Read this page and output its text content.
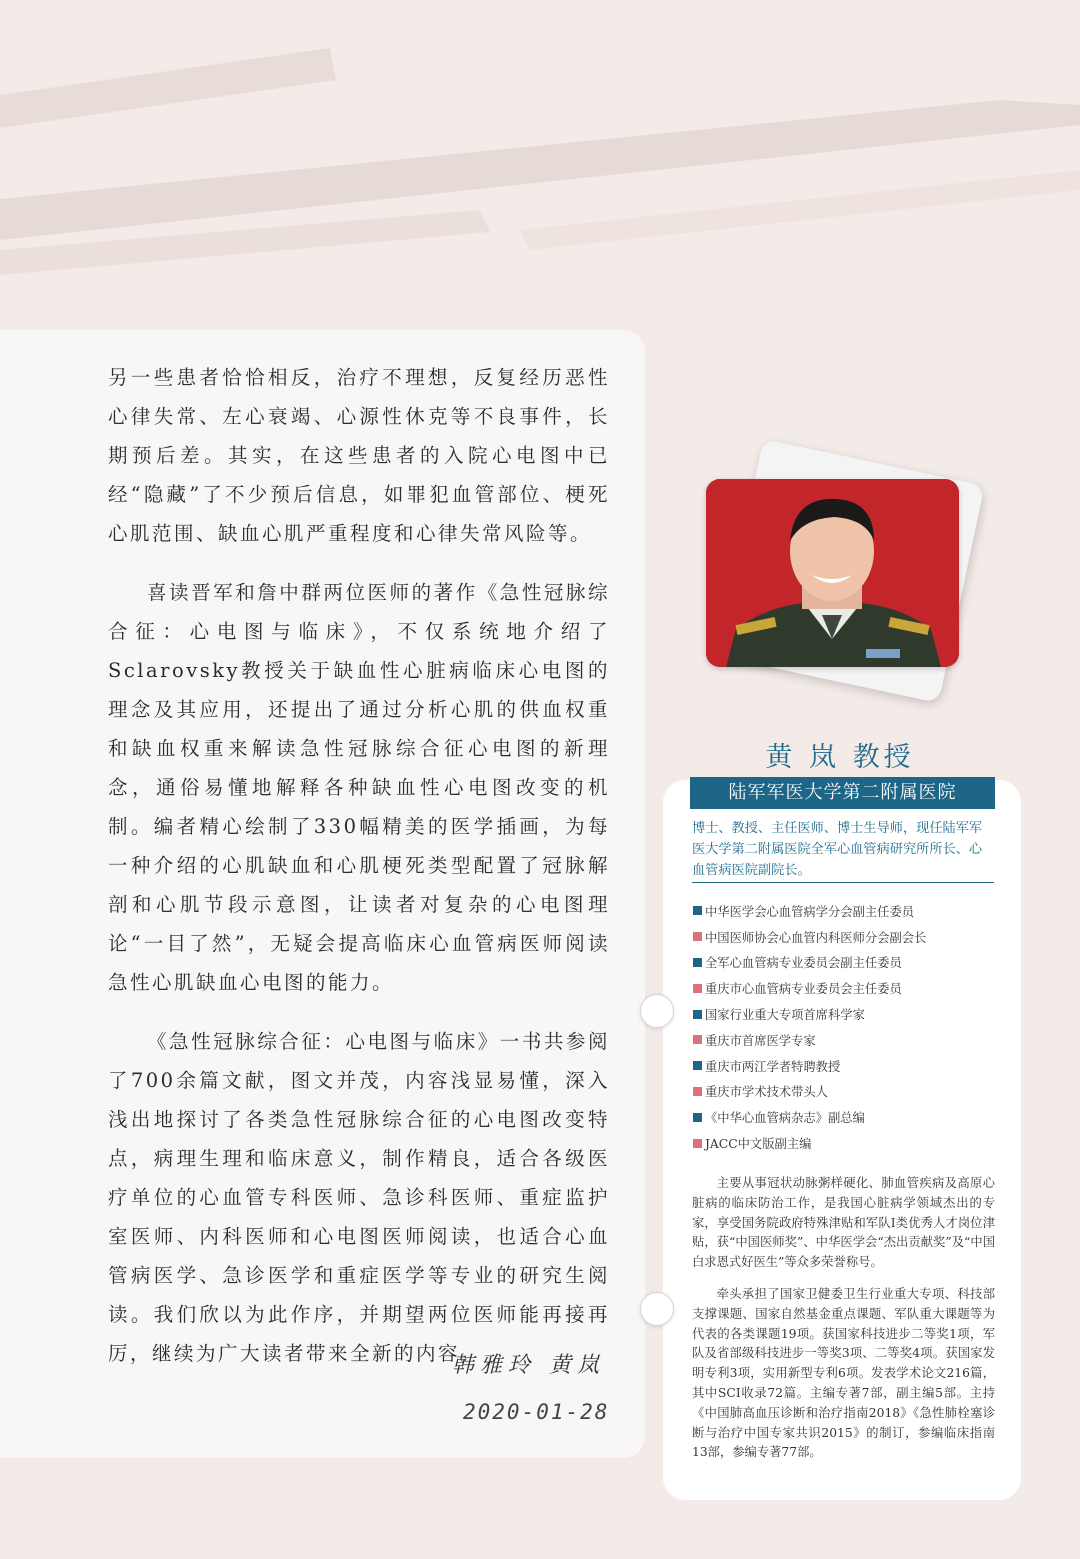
另一些患者恰恰相反，治疗不理想，反复经历恶性心律失常、左心衰竭、心源性休克等不良事件，长期预后差。其实，在这些患者的入院心电图中已经“隐藏”了不少预后信息，如罪犯血管部位、梗死心肌范围、缺血心肌严重程度和心律失常风险等。

喜读晋军和詹中群两位医师的著作《急性冠脉综合征：心电图与临床》，不仅系统地介绍了Sclarovsky教授关于缺血性心脏病临床心电图的理念及其应用，还提出了通过分析心肌的供血权重和缺血权重来解读急性冠脉综合征心电图的新理念，通俗易懂地解释各种缺血性心电图改变的机制。编者精心绘制了330幅精美的医学插画，为每一种介绍的心肌缺血和心肌梗死类型配置了冠脉解剖和心肌节段示意图，让读者对复杂的心电图理论“一目了然”，无疑会提高临床心血管病医师阅读急性心肌缺血心电图的能力。

《急性冠脉综合征：心电图与临床》一书共参阅了700余篇文献，图文并茂，内容浅显易懂，深入浅出地探讨了各类急性冠脉综合征的心电图改变特点，病理生理和临床意义，制作精良，适合各级医疗单位的心血管专科医师、急诊科医师、重症监护室医师、内科医师和心电图医师阅读，也适合心血管病医学、急诊医学和重症医学等专业的研究生阅读。我们欣以为此作序，并期望两位医师能再接再厉，继续为广大读者带来全新的内容。

韩雅玲 黄岚
2020-01-28
黄 岚 教授
陆军军医大学第二附属医院
博士、教授、主任医师、博士生导师，现任陆军军医大学第二附属医院全军心血管病研究所所长、心血管病医院副院长。
中华医学会心血管病学分会副主任委员
中国医师协会心血管内科医师分会副会长
全军心血管病专业委员会副主任委员
重庆市心血管病专业委员会主任委员
国家行业重大专项首席科学家
重庆市首席医学专家
重庆市两江学者特聘教授
重庆市学术技术带头人
《中华心血管病杂志》副总编
JACC中文版副主编

主要从事冠状动脉粥样硬化、肺血管疾病及高原心脏病的临床防治工作，是我国心脏病学领域杰出的专家，享受国务院政府特殊津贴和军队Ⅰ类优秀人才岗位津贴，获“中国医师奖”、中华医学会“杰出贡献奖”及“中国白求恩式好医生”等众多荣誉称号。

牵头承担了国家卫健委卫生行业重大专项、科技部支撑课题、国家自然基金重点课题、军队重大课题等为代表的各类课题19项。获国家科技进步二等奖1项，军队及省部级科技进步一等奖3项、二等奖4项。获国家发明专利3项，实用新型专利6项。发表学术论文216篇，其中SCI收录72篇。主编专著7部，副主编5部。主持《中国肺高血压诊断和治疗指南2018》《急性肺栓塞诊断与治疗中国专家共识2015》的制订，参编临床指南13部，参编专著77部。
